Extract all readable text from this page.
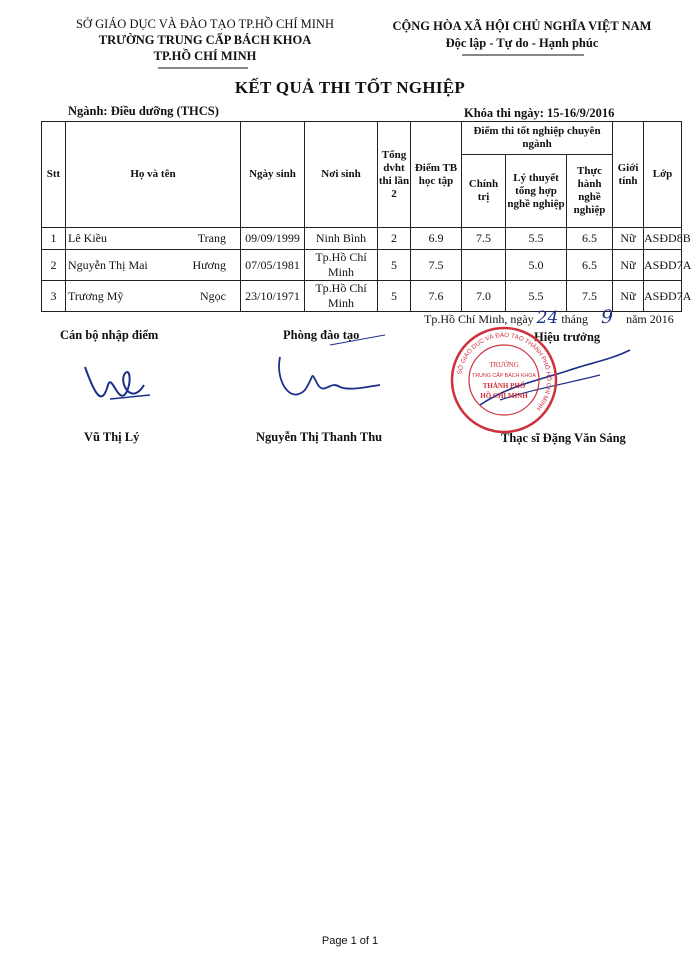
SỞ GIÁO DỤC VÀ ĐÀO TẠO TP.HỒ CHÍ MINH
TRƯỜNG TRUNG CẤP BÁCH KHOA
TP.HỒ CHÍ MINH
CỘNG HÒA XÃ HỘI CHỦ NGHĨA VIỆT NAM
Độc lập - Tự do - Hạnh phúc
KẾT QUẢ THI TỐT NGHIỆP
Ngành: Điều dưỡng (THCS)	Khóa thi ngày: 15-16/9/2016
Stt	Họ và tên	Ngày sinh	Nơi sinh	Tổng dvht thi lần 2	Điểm TB học tập	Điểm thi tốt nghiệp chuyên ngành			Giới tính	Lớp
						Chính trị	Lý thuyết tổng hợp nghề nghiệp	Thực hành nghề nghiệp		
1	Lê Kiều Trang	09/09/1999	Ninh Bình	2	6.9	7.5	5.5	6.5	Nữ	ASĐD8B
2	Nguyễn Thị Mai Hương	07/05/1981	Tp.Hồ Chí Minh	5	7.5		5.0	6.5	Nữ	ASĐD7A
3	Trương Mỹ Ngọc	23/10/1971	Tp.Hồ Chí Minh	5	7.6	7.0	5.5	7.5	Nữ	ASĐD7A
Tp.Hồ Chí Minh, ngày 24 tháng 9 năm 2016
Cán bộ nhập điểm	Phòng đào tạo	Hiệu trưởng
SỞ GIÁO DỤC VÀ ĐÀO TẠO THÀNH PHỐ HỒ CHÍ MINH
TRƯỜNG
TRUNG CẤP BÁCH KHOA
THÀNH PHỐ
HỒ CHÍ MINH
Vũ Thị Lý	Nguyễn Thị Thanh Thu	Thạc sĩ Đặng Văn Sáng
Page 1 of 1
